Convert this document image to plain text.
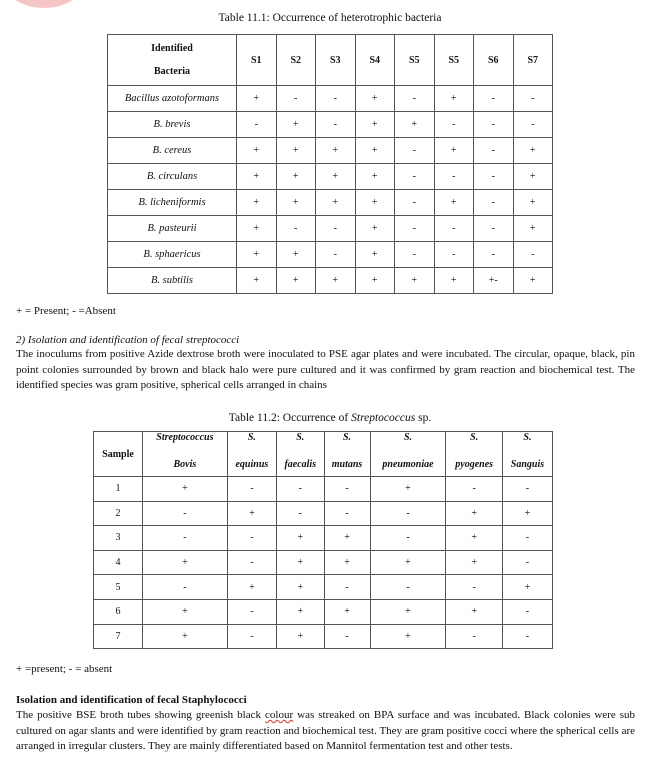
Table 11.1: Occurrence of heterotrophic bacteria
Identified
Bacteria	S1	S2	S3	S4	S5	S5	S6	S7
Bacillus azotoformans	+	-	-	+	-	+	-	-
B. brevis	-	+	-	+	+	-	-	-
B. cereus	+	+	+	+	-	+	-	+
B. circulans	+	+	+	+	-	-	-	+
B. licheniformis	+	+	+	+	-	+	-	+
B. pasteurii	+	-	-	+	-	-	-	+
B. sphaericus	+	+	-	+	-	-	-	-
B. subtilis	+	+	+	+	+	+	+-	+
+ = Present; - =Absent
2) Isolation and identification of fecal streptococci

The inoculums from positive Azide dextrose broth were inoculated to PSE agar plates and were incubated. The circular, opaque, black, pin point colonies surrounded by brown and black halo were pure cultured and it was confirmed by gram reaction and biochemical test. The identified species was gram positive, spherical cells arranged in chains

Table 11.2: Occurrence of Streptococcus sp.
Sample	Streptococcus	S.	S.	S.	S.	S.	S.
	Bovis	equinus	faecalis	mutans	pneumoniae	pyogenes	Sanguis
1	+	-	-	-	+	-	-
2	-	+	-	-	-	+	+
3	-	-	+	+	-	+	-
4	+	-	+	+	+	+	-
5	-	+	+	-	-	-	+
6	+	-	+	+	+	+	-
7	+	-	+	-	+	-	-
+ =present; - = absent
Isolation and identification of fecal Staphylococci

The positive BSE broth tubes showing greenish black colour was streaked on BPA surface and was incubated. Black colonies were sub cultured on agar slants and were identified by gram reaction and biochemical test. They are gram positive cocci where the spherical cells are arranged in irregular clusters. They are mainly differentiated based on Mannitol fermentation test and other tests.
